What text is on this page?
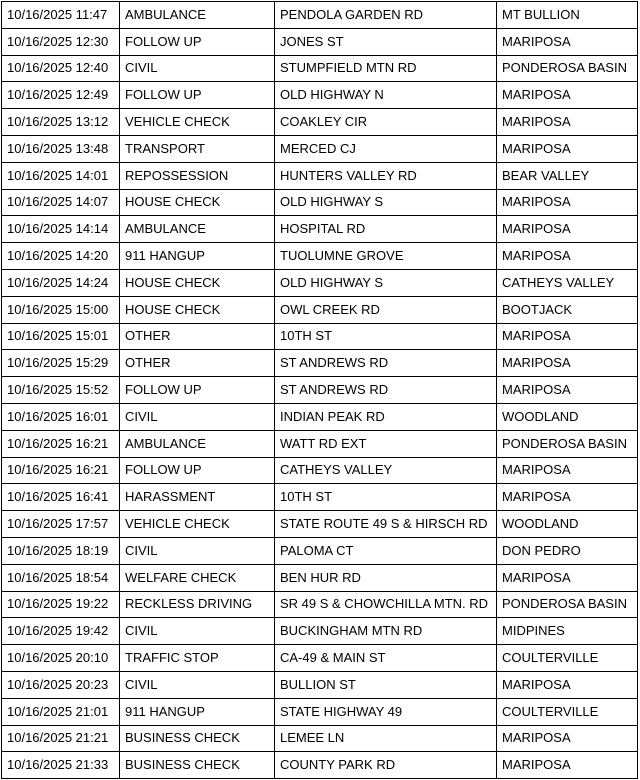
10/16/2025 11:47	AMBULANCE	PENDOLA GARDEN RD	MT BULLION
10/16/2025 12:30	FOLLOW UP	JONES ST	MARIPOSA
10/16/2025 12:40	CIVIL	STUMPFIELD MTN RD	PONDEROSA BASIN
10/16/2025 12:49	FOLLOW UP	OLD HIGHWAY N	MARIPOSA
10/16/2025 13:12	VEHICLE CHECK	COAKLEY CIR	MARIPOSA
10/16/2025 13:48	TRANSPORT	MERCED CJ	MARIPOSA
10/16/2025 14:01	REPOSSESSION	HUNTERS VALLEY RD	BEAR VALLEY
10/16/2025 14:07	HOUSE CHECK	OLD HIGHWAY S	MARIPOSA
10/16/2025 14:14	AMBULANCE	HOSPITAL RD	MARIPOSA
10/16/2025 14:20	911 HANGUP	TUOLUMNE GROVE	MARIPOSA
10/16/2025 14:24	HOUSE CHECK	OLD HIGHWAY S	CATHEYS VALLEY
10/16/2025 15:00	HOUSE CHECK	OWL CREEK RD	BOOTJACK
10/16/2025 15:01	OTHER	10TH ST	MARIPOSA
10/16/2025 15:29	OTHER	ST ANDREWS RD	MARIPOSA
10/16/2025 15:52	FOLLOW UP	ST ANDREWS RD	MARIPOSA
10/16/2025 16:01	CIVIL	INDIAN PEAK RD	WOODLAND
10/16/2025 16:21	AMBULANCE	WATT RD EXT	PONDEROSA BASIN
10/16/2025 16:21	FOLLOW UP	CATHEYS VALLEY	MARIPOSA
10/16/2025 16:41	HARASSMENT	10TH ST	MARIPOSA
10/16/2025 17:57	VEHICLE CHECK	STATE ROUTE 49 S & HIRSCH RD	WOODLAND
10/16/2025 18:19	CIVIL	PALOMA CT	DON PEDRO
10/16/2025 18:54	WELFARE CHECK	BEN HUR RD	MARIPOSA
10/16/2025 19:22	RECKLESS DRIVING	SR 49 S & CHOWCHILLA MTN. RD	PONDEROSA BASIN
10/16/2025 19:42	CIVIL	BUCKINGHAM MTN RD	MIDPINES
10/16/2025 20:10	TRAFFIC STOP	CA-49 & MAIN ST	COULTERVILLE
10/16/2025 20:23	CIVIL	BULLION ST	MARIPOSA
10/16/2025 21:01	911 HANGUP	STATE HIGHWAY 49	COULTERVILLE
10/16/2025 21:21	BUSINESS CHECK	LEMEE LN	MARIPOSA
10/16/2025 21:33	BUSINESS CHECK	COUNTY PARK RD	MARIPOSA
